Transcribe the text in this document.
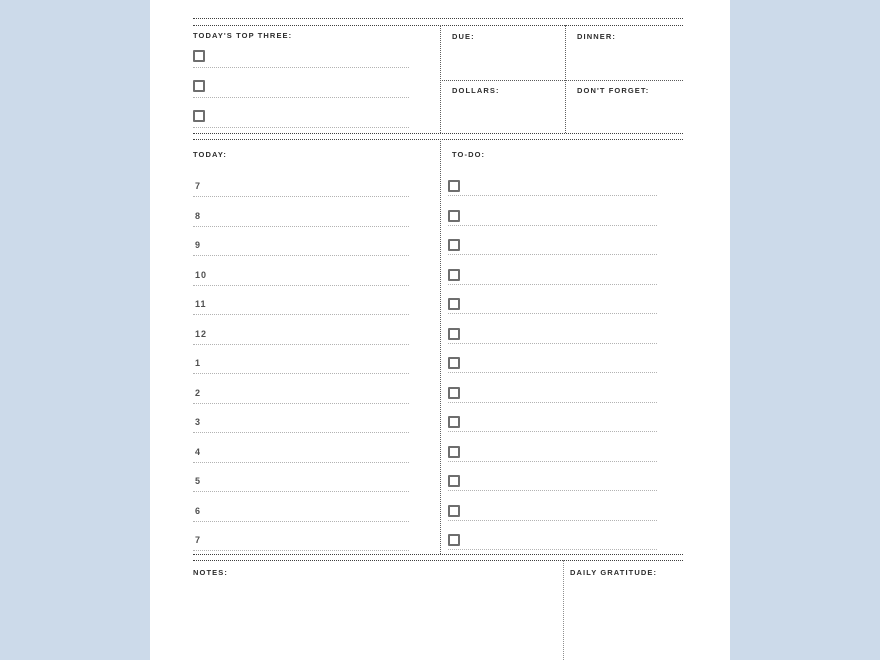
TODAY'S TOP THREE:	DUE:	DINNER:
DOLLARS:	DON'T FORGET:
TODAY:	TO-DO:
7
8
9
10
11
12
1
2
3
4
5
6
7
NOTES:	DAILY GRATITUDE:
